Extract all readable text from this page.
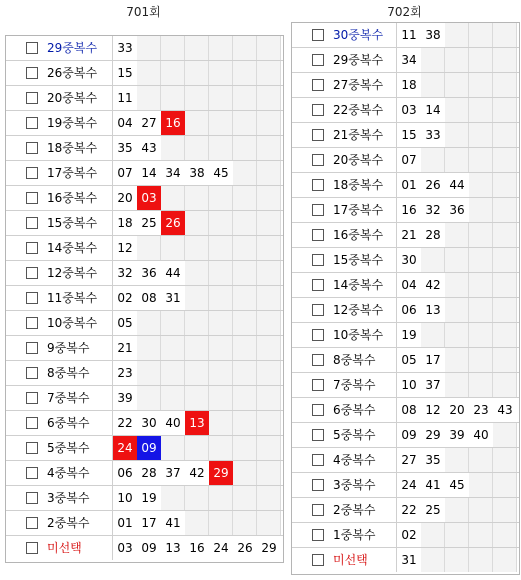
701회
29중복수	33
26중복수	15
20중복수	11
19중복수	04 27 16
18중복수	35 43
17중복수	07 14 34 38 45
16중복수	20 03
15중복수	18 25 26
14중복수	12
12중복수	32 36 44
11중복수	02 08 31
10중복수	05
9중복수	21
8중복수	23
7중복수	39
6중복수	22 30 40 13
5중복수	24 09
4중복수	06 28 37 42 29
3중복수	10 19
2중복수	01 17 41
미선택	03 09 13 16 24 26 29
702회
30중복수	11 38
29중복수	34
27중복수	18
22중복수	03 14
21중복수	15 33
20중복수	07
18중복수	01 26 44
17중복수	16 32 36
16중복수	21 28
15중복수	30
14중복수	04 42
12중복수	06 13
10중복수	19
8중복수	05 17
7중복수	10 37
6중복수	08 12 20 23 43
5중복수	09 29 39 40
4중복수	27 35
3중복수	24 41 45
2중복수	22 25
1중복수	02
미선택	31
